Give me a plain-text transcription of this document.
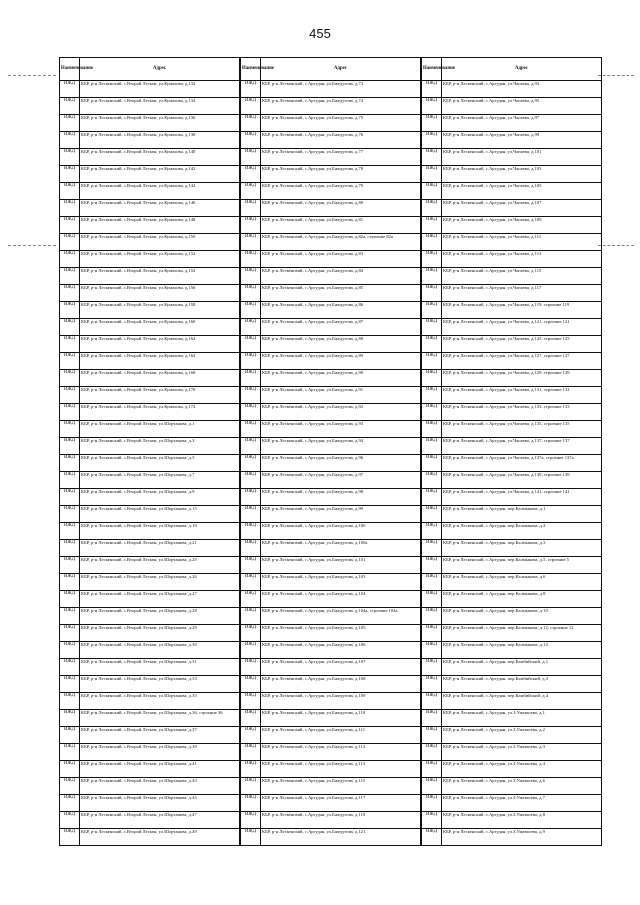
455
Наименование	Адрес
ИЖД	КБР, р-н Лескенский, с.Второй Лескен, ул.Кумахова, д.132
ИЖД	КБР, р-н Лескенский, с.Второй Лескен, ул.Кумахова, д.134
ИЖД	КБР, р-н Лескенский, с.Второй Лескен, ул.Кумахова, д.136
ИЖД	КБР, р-н Лескенский, с.Второй Лескен, ул.Кумахова, д.138
ИЖД	КБР, р-н Лескенский, с.Второй Лескен, ул.Кумахова, д.140
ИЖД	КБР, р-н Лескенский, с.Второй Лескен, ул.Кумахова, д.142
ИЖД	КБР, р-н Лескенский, с.Второй Лескен, ул.Кумахова, д.144
ИЖД	КБР, р-н Лескенский, с.Второй Лескен, ул.Кумахова, д.146
ИЖД	КБР, р-н Лескенский, с.Второй Лескен, ул.Кумахова, д.148
ИЖД	КБР, р-н Лескенский, с.Второй Лескен, ул.Кумахова, д.150
ИЖД	КБР, р-н Лескенский, с.Второй Лескен, ул.Кумахова, д.152
ИЖД	КБР, р-н Лескенский, с.Второй Лескен, ул.Кумахова, д.154
ИЖД	КБР, р-н Лескенский, с.Второй Лескен, ул.Кумахова, д.156
ИЖД	КБР, р-н Лескенский, с.Второй Лескен, ул.Кумахова, д.158
ИЖД	КБР, р-н Лескенский, с.Второй Лескен, ул.Кумахова, д.160
ИЖД	КБР, р-н Лескенский, с.Второй Лескен, ул.Кумахова, д.162
ИЖД	КБР, р-н Лескенский, с.Второй Лескен, ул.Кумахова, д.164
ИЖД	КБР, р-н Лескенский, с.Второй Лескен, ул.Кумахова, д.168
ИЖД	КБР, р-н Лескенский, с.Второй Лескен, ул.Кумахова, д.170
ИЖД	КБР, р-н Лескенский, с.Второй Лескен, ул.Кумахова, д.172
ИЖД	КБР, р-н Лескенский, с.Второй Лескен, ул.Шортанова, д.1
ИЖД	КБР, р-н Лескенский, с.Второй Лескен, ул.Шортанова, д.3
ИЖД	КБР, р-н Лескенский, с.Второй Лескен, ул.Шортанова, д.5
ИЖД	КБР, р-н Лескенский, с.Второй Лескен, ул.Шортанова, д.7
ИЖД	КБР, р-н Лескенский, с.Второй Лескен, ул.Шортанова, д.9
ИЖД	КБР, р-н Лескенский, с.Второй Лескен, ул.Шортанова, д.15
ИЖД	КБР, р-н Лескенский, с.Второй Лескен, ул.Шортанова, д.19
ИЖД	КБР, р-н Лескенский, с.Второй Лескен, ул.Шортанова, д.21
ИЖД	КБР, р-н Лескенский, с.Второй Лескен, ул.Шортанова, д.25
ИЖД	КБР, р-н Лескенский, с.Второй Лескен, ул.Шортанова, д.26
ИЖД	КБР, р-н Лескенский, с.Второй Лескен, ул.Шортанова, д.27
ИЖД	КБР, р-н Лескенский, с.Второй Лескен, ул.Шортанова, д.28
ИЖД	КБР, р-н Лескенский, с.Второй Лескен, ул.Шортанова, д.29
ИЖД	КБР, р-н Лескенский, с.Второй Лескен, ул.Шортанова, д.30
ИЖД	КБР, р-н Лескенский, с.Второй Лескен, ул.Шортанова, д.31
ИЖД	КБР, р-н Лескенский, с.Второй Лескен, ул.Шортанова, д.33
ИЖД	КБР, р-н Лескенский, с.Второй Лескен, ул.Шортанова, д.35
ИЖД	КБР, р-н Лескенский, с.Второй Лескен, ул.Шортанова, д.36, строение 36
ИЖД	КБР, р-н Лескенский, с.Второй Лескен, ул.Шортанова, д.37
ИЖД	КБР, р-н Лескенский, с.Второй Лескен, ул.Шортанова, д.39
ИЖД	КБР, р-н Лескенский, с.Второй Лескен, ул.Шортанова, д.41
ИЖД	КБР, р-н Лескенский, с.Второй Лескен, ул.Шортанова, д.43
ИЖД	КБР, р-н Лескенский, с.Второй Лескен, ул.Шортанова, д.45
ИЖД	КБР, р-н Лескенский, с.Второй Лескен, ул.Шортанова, д.47
ИЖД	КБР, р-н Лескенский, с.Второй Лескен, ул.Шортанова, д.49
Наименование	Адрес
ИЖД	КБР, р-н Лескенский, с.Аргудан, ул.Бжедугова, д.73
ИЖД	КБР, р-н Лескенский, с.Аргудан, ул.Бжедугова, д.74
ИЖД	КБР, р-н Лескенский, с.Аргудан, ул.Бжедугова, д.75
ИЖД	КБР, р-н Лескенский, с.Аргудан, ул.Бжедугова, д.76
ИЖД	КБР, р-н Лескенский, с.Аргудан, ул.Бжедугова, д.77
ИЖД	КБР, р-н Лескенский, с.Аргудан, ул.Бжедугова, д.78
ИЖД	КБР, р-н Лескенский, с.Аргудан, ул.Бжедугова, д.79
ИЖД	КБР, р-н Лескенский, с.Аргудан, ул.Бжедугова, д.80
ИЖД	КБР, р-н Лескенский, с.Аргудан, ул.Бжедугова, д.81
ИЖД	КБР, р-н Лескенский, с.Аргудан, ул.Бжедугова, д.82а, строение 82а
ИЖД	КБР, р-н Лескенский, с.Аргудан, ул.Бжедугова, д.83
ИЖД	КБР, р-н Лескенский, с.Аргудан, ул.Бжедугова, д.84
ИЖД	КБР, р-н Лескенский, с.Аргудан, ул.Бжедугова, д.85
ИЖД	КБР, р-н Лескенский, с.Аргудан, ул.Бжедугова, д.86
ИЖД	КБР, р-н Лескенский, с.Аргудан, ул.Бжедугова, д.87
ИЖД	КБР, р-н Лескенский, с.Аргудан, ул.Бжедугова, д.88
ИЖД	КБР, р-н Лескенский, с.Аргудан, ул.Бжедугова, д.89
ИЖД	КБР, р-н Лескенский, с.Аргудан, ул.Бжедугова, д.90
ИЖД	КБР, р-н Лескенский, с.Аргудан, ул.Бжедугова, д.91
ИЖД	КБР, р-н Лескенский, с.Аргудан, ул.Бжедугова, д.92
ИЖД	КБР, р-н Лескенский, с.Аргудан, ул.Бжедугова, д.93
ИЖД	КБР, р-н Лескенский, с.Аргудан, ул.Бжедугова, д.94
ИЖД	КБР, р-н Лескенский, с.Аргудан, ул.Бжедугова, д.96
ИЖД	КБР, р-н Лескенский, с.Аргудан, ул.Бжедугова, д.97
ИЖД	КБР, р-н Лескенский, с.Аргудан, ул.Бжедугова, д.98
ИЖД	КБР, р-н Лескенский, с.Аргудан, ул.Бжедугова, д.99
ИЖД	КБР, р-н Лескенский, с.Аргудан, ул.Бжедугова, д.100
ИЖД	КБР, р-н Лескенский, с.Аргудан, ул.Бжедугова, д.100а
ИЖД	КБР, р-н Лескенский, с.Аргудан, ул.Бжедугова, д.101
ИЖД	КБР, р-н Лескенский, с.Аргудан, ул.Бжедугова, д.103
ИЖД	КБР, р-н Лескенский, с.Аргудан, ул.Бжедугова, д.104
ИЖД	КБР, р-н Лескенский, с.Аргудан, ул.Бжедугова, д.104а, строение 104а
ИЖД	КБР, р-н Лескенский, с.Аргудан, ул.Бжедугова, д.105
ИЖД	КБР, р-н Лескенский, с.Аргудан, ул.Бжедугова, д.106
ИЖД	КБР, р-н Лескенский, с.Аргудан, ул.Бжедугова, д.107
ИЖД	КБР, р-н Лескенский, с.Аргудан, ул.Бжедугова, д.108
ИЖД	КБР, р-н Лескенский, с.Аргудан, ул.Бжедугова, д.109
ИЖД	КБР, р-н Лескенский, с.Аргудан, ул.Бжедугова, д.110
ИЖД	КБР, р-н Лескенский, с.Аргудан, ул.Бжедугова, д.111
ИЖД	КБР, р-н Лескенский, с.Аргудан, ул.Бжедугова, д.112
ИЖД	КБР, р-н Лескенский, с.Аргудан, ул.Бжедугова, д.113
ИЖД	КБР, р-н Лескенский, с.Аргудан, ул.Бжедугова, д.115
ИЖД	КБР, р-н Лескенский, с.Аргудан, ул.Бжедугова, д.117
ИЖД	КБР, р-н Лескенский, с.Аргудан, ул.Бжедугова, д.119
ИЖД	КБР, р-н Лескенский, с.Аргудан, ул.Бжедугова, д.121
Наименование	Адрес
ИЖД	КБР, р-н Лескенский, с.Аргудан, ул.Чапаева, д.93
ИЖД	КБР, р-н Лескенский, с.Аргудан, ул.Чапаева, д.95
ИЖД	КБР, р-н Лескенский, с.Аргудан, ул.Чапаева, д.97
ИЖД	КБР, р-н Лескенский, с.Аргудан, ул.Чапаева, д.99
ИЖД	КБР, р-н Лескенский, с.Аргудан, ул.Чапаева, д.101
ИЖД	КБР, р-н Лескенский, с.Аргудан, ул.Чапаева, д.103
ИЖД	КБР, р-н Лескенский, с.Аргудан, ул.Чапаева, д.105
ИЖД	КБР, р-н Лескенский, с.Аргудан, ул.Чапаева, д.107
ИЖД	КБР, р-н Лескенский, с.Аргудан, ул.Чапаева, д.109
ИЖД	КБР, р-н Лескенский, с.Аргудан, ул.Чапаева, д.111
ИЖД	КБР, р-н Лескенский, с.Аргудан, ул.Чапаева, д.113
ИЖД	КБР, р-н Лескенский, с.Аргудан, ул.Чапаева, д.115
ИЖД	КБР, р-н Лескенский, с.Аргудан, ул.Чапаева, д.117
ИЖД	КБР, р-н Лескенский, с.Аргудан, ул.Чапаева, д.119, строение 119
ИЖД	КБР, р-н Лескенский, с.Аргудан, ул.Чапаева, д.121, строение 121
ИЖД	КБР, р-н Лескенский, с.Аргудан, ул.Чапаева, д.125, строение 125
ИЖД	КБР, р-н Лескенский, с.Аргудан, ул.Чапаева, д.127, строение 127
ИЖД	КБР, р-н Лескенский, с.Аргудан, ул.Чапаева, д.129, строение 129
ИЖД	КБР, р-н Лескенский, с.Аргудан, ул.Чапаева, д.131, строение 131
ИЖД	КБР, р-н Лескенский, с.Аргудан, ул.Чапаева, д.133, строение 133
ИЖД	КБР, р-н Лескенский, с.Аргудан, ул.Чапаева, д.135, строение 135
ИЖД	КБР, р-н Лескенский, с.Аргудан, ул.Чапаева, д.137, строение 137
ИЖД	КБР, р-н Лескенский, с.Аргудан, ул.Чапаева, д.137а, строение 137а
ИЖД	КБР, р-н Лескенский, с.Аргудан, ул.Чапаева, д.139, строение 139
ИЖД	КБР, р-н Лескенский, с.Аргудан, ул.Чапаева, д.141, строение 141
ИЖД	КБР, р-н Лескенский, с.Аргудан, пер.Калмыкова, д.1
ИЖД	КБР, р-н Лескенский, с.Аргудан, пер.Калмыкова, д.2
ИЖД	КБР, р-н Лескенский, с.Аргудан, пер.Калмыкова, д.3
ИЖД	КБР, р-н Лескенский, с.Аргудан, пер.Калмыкова, д.5, строение 5
ИЖД	КБР, р-н Лескенский, с.Аргудан, пер.Калмыкова, д.6
ИЖД	КБР, р-н Лескенский, с.Аргудан, пер.Калмыкова, д.8
ИЖД	КБР, р-н Лескенский, с.Аргудан, пер.Калмыкова, д.10
ИЖД	КБР, р-н Лескенский, с.Аргудан, пер.Калмыкова, д.12, строение 12
ИЖД	КБР, р-н Лескенский, с.Аргудан, пер.Калмыкова, д.14
ИЖД	КБР, р-н Лескенский, с.Аргудан, пер.Камбийский, д.1
ИЖД	КБР, р-н Лескенский, с.Аргудан, пер.Камбийский, д.3
ИЖД	КБР, р-н Лескенский, с.Аргудан, пер.Камбийский, д.4
ИЖД	КБР, р-н Лескенский, с.Аргудан, ул.З.Уматкоева, д.1
ИЖД	КБР, р-н Лескенский, с.Аргудан, ул.З.Уматкоева, д.2
ИЖД	КБР, р-н Лескенский, с.Аргудан, ул.З.Уматкоева, д.3
ИЖД	КБР, р-н Лескенский, с.Аргудан, ул.З.Уматкоева, д.4
ИЖД	КБР, р-н Лескенский, с.Аргудан, ул.З.Уматкоева, д.6
ИЖД	КБР, р-н Лескенский, с.Аргудан, ул.З.Уматкоева, д.7
ИЖД	КБР, р-н Лескенский, с.Аргудан, ул.З.Уматкоева, д.8
ИЖД	КБР, р-н Лескенский, с.Аргудан, ул.З.Уматкоева, д.9
